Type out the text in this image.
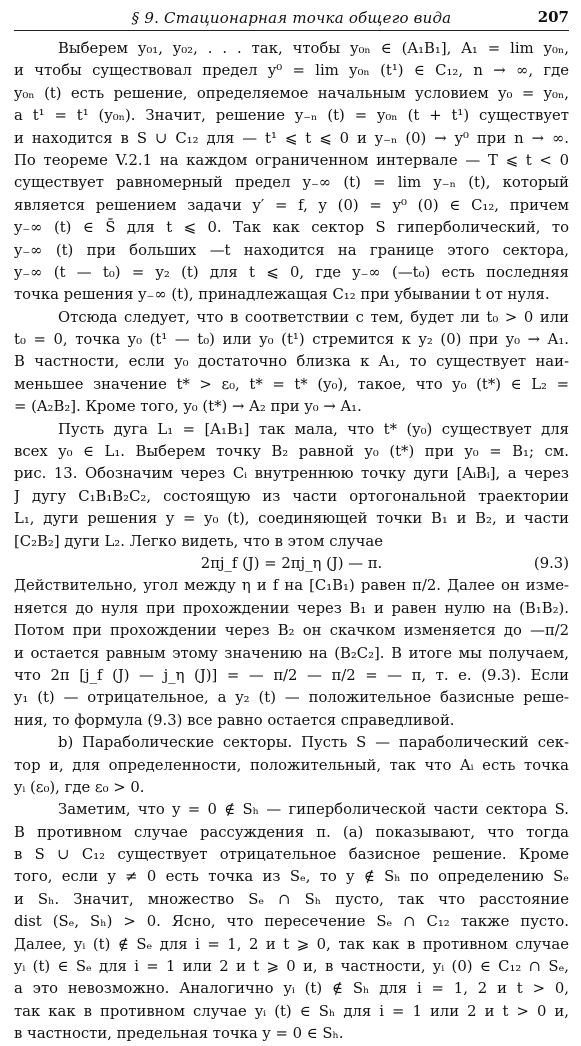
§ 9. Стационарная точка общего вида	207
Выберем y₀₁, y₀₂, . . . так, чтобы y₀ₙ ∈ (A₁B₁], A₁ = lim y₀ₙ,
и чтобы существовал предел y⁰ = lim y₀ₙ (t¹) ∈ C₁₂, n → ∞, где
y₀ₙ (t) есть решение, определяемое начальным условием y₀ = y₀ₙ,
а t¹ = t¹ (y₀ₙ). Значит, решение y₋ₙ (t) = y₀ₙ (t + t¹) существует
и находится в S ∪ C₁₂ для — t¹ ⩽ t ⩽ 0 и y₋ₙ (0) → y⁰ при n → ∞.
По теореме V.2.1 на каждом ограниченном интервале — T ⩽ t < 0
существует равномерный предел y₋∞ (t) = lim y₋ₙ (t), который
является решением задачи y′ = f, y (0) = y⁰ (0) ∈ C₁₂, причем
y₋∞ (t) ∈ S̄ для t ⩽ 0. Так как сектор S гиперболический, то
y₋∞ (t) при больших —t находится на границе этого сектора,
y₋∞ (t — t₀) = y₂ (t) для t ⩽ 0, где y₋∞ (—t₀) есть последняя
точка решения y₋∞ (t), принадлежащая C₁₂ при убывании t от нуля.
Отсюда следует, что в соответствии с тем, будет ли t₀ > 0 или
t₀ = 0, точка y₀ (t¹ — t₀) или y₀ (t¹) стремится к y₂ (0) при y₀ → A₁.
В частности, если y₀ достаточно близка к A₁, то существует наи-
меньшее значение t* > ε₀, t* = t* (y₀), такое, что y₀ (t*) ∈ L₂ =
= (A₂B₂]. Кроме того, y₀ (t*) → A₂ при y₀ → A₁.
Пусть дуга L₁ = [A₁B₁] так мала, что t* (y₀) существует для
всех y₀ ∈ L₁. Выберем точку B₂ равной y₀ (t*) при y₀ = B₁; см.
рис. 13. Обозначим через Cᵢ внутреннюю точку дуги [AᵢBᵢ], а через
J дугу C₁B₁B₂C₂, состоящую из части ортогональной траектории
L₁, дуги решения y = y₀ (t), соединяющей точки B₁ и B₂, и части
[C₂B₂] дуги L₂. Легко видеть, что в этом случае
2πj_f (J) = 2πj_η (J) — π.	(9.3)
Действительно, угол между η и f на [C₁B₁) равен π/2. Далее он изме-
няется до нуля при прохождении через B₁ и равен нулю на (B₁B₂).
Потом при прохождении через B₂ он скачком изменяется до —π/2
и остается равным этому значению на (B₂C₂]. В итоге мы получаем,
что 2π [j_f (J) — j_η (J)] = — π/2 — π/2 = — π, т. е. (9.3). Если
y₁ (t) — отрицательное, а y₂ (t) — положительное базисные реше-
ния, то формула (9.3) все равно остается справедливой.
b) Параболические секторы. Пусть S — параболический сек-
тор и, для определенности, положительный, так что Aᵢ есть точка
yᵢ (ε₀), где ε₀ > 0.
Заметим, что y = 0 ∉ Sₕ — гиперболической части сектора S.
В противном случае рассуждения п. (a) показывают, что тогда
в S ∪ C₁₂ существует отрицательное базисное решение. Кроме
того, если y ≠ 0 есть точка из Sₑ, то y ∉ Sₕ по определению Sₑ
и Sₕ. Значит, множество Sₑ ∩ Sₕ пусто, так что расстояние
dist (Sₑ, Sₕ) > 0. Ясно, что пересечение Sₑ ∩ C₁₂ также пусто.
Далее, yᵢ (t) ∉ Sₑ для i = 1, 2 и t ⩾ 0, так как в противном случае
yᵢ (t) ∈ Sₑ для i = 1 или 2 и t ⩾ 0 и, в частности, yᵢ (0) ∈ C₁₂ ∩ Sₑ,
а это невозможно. Аналогично yᵢ (t) ∉ Sₕ для i = 1, 2 и t > 0,
так как в противном случае yᵢ (t) ∈ Sₕ для i = 1 или 2 и t > 0 и,
в частности, предельная точка y = 0 ∈ Sₕ.
